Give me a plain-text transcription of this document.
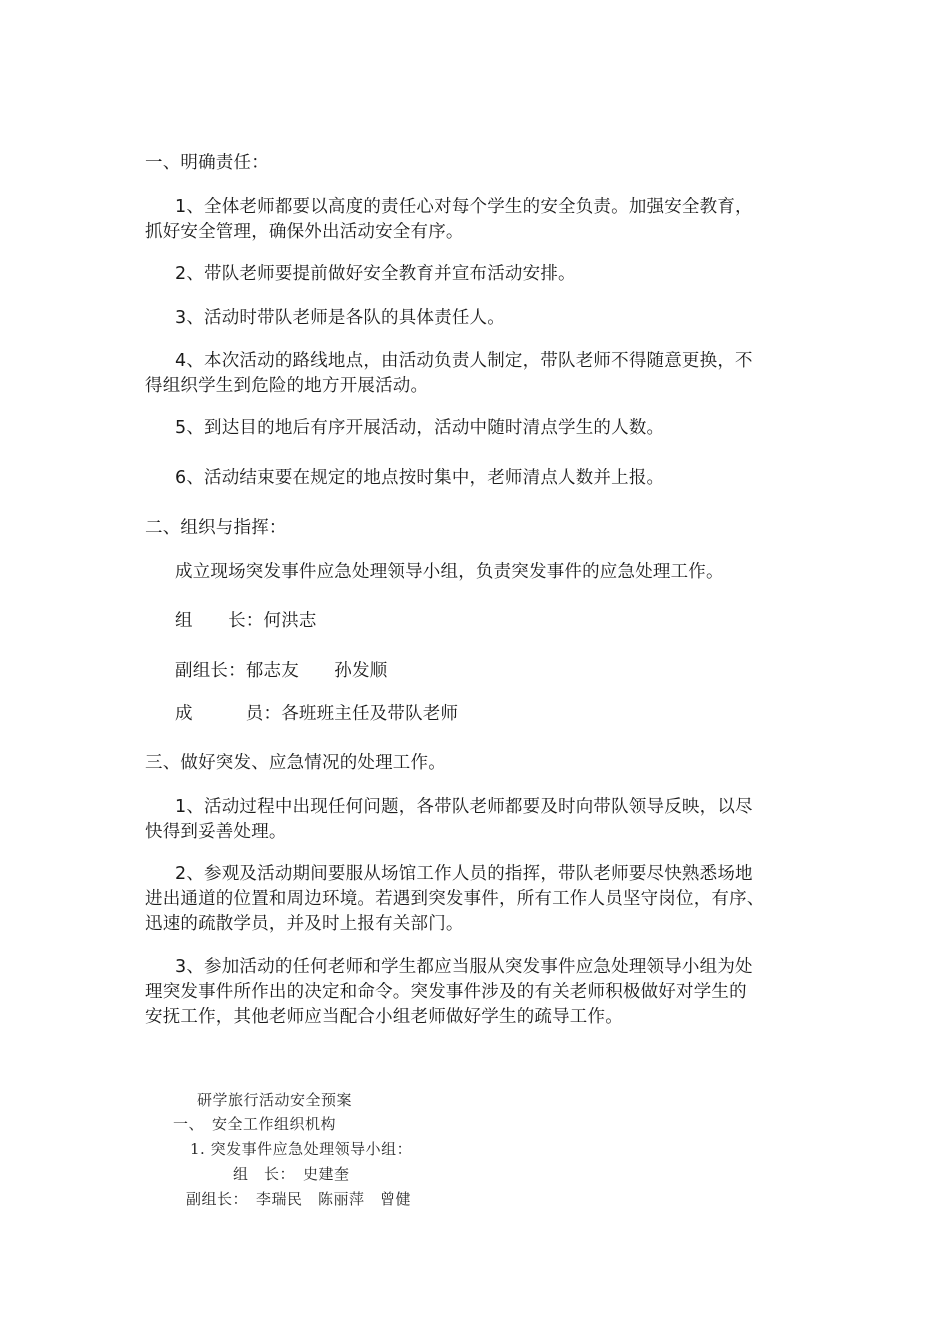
一、明确责任：

1、全体老师都要以高度的责任心对每个学生的安全负责。加强安全教育，

抓好安全管理，确保外出活动安全有序。

2、带队老师要提前做好安全教育并宣布活动安排。

3、活动时带队老师是各队的具体责任人。

4、本次活动的路线地点，由活动负责人制定，带队老师不得随意更换，不

得组织学生到危险的地方开展活动。

5、到达目的地后有序开展活动，活动中随时清点学生的人数。

6、活动结束要在规定的地点按时集中，老师清点人数并上报。

二、组织与指挥：

成立现场突发事件应急处理领导小组，负责突发事件的应急处理工作。

组　　长：何洪志

副组长：郁志友　　孙发顺

成　　　员：各班班主任及带队老师

三、做好突发、应急情况的处理工作。

1、活动过程中出现任何问题，各带队老师都要及时向带队领导反映，以尽

快得到妥善处理。

2、参观及活动期间要服从场馆工作人员的指挥，带队老师要尽快熟悉场地

进出通道的位置和周边环境。若遇到突发事件，所有工作人员坚守岗位，有序、

迅速的疏散学员，并及时上报有关部门。

3、参加活动的任何老师和学生都应当服从突发事件应急处理领导小组为处

理突发事件所作出的决定和命令。突发事件涉及的有关老师积极做好对学生的

安抚工作，其他老师应当配合小组老师做好学生的疏导工作。

研学旅行活动安全预案

一、　安全工作组织机构

1. 突发事件应急处理领导小组：

组　长：　史建奎

副组长：　李瑞民　陈丽萍　曾健
